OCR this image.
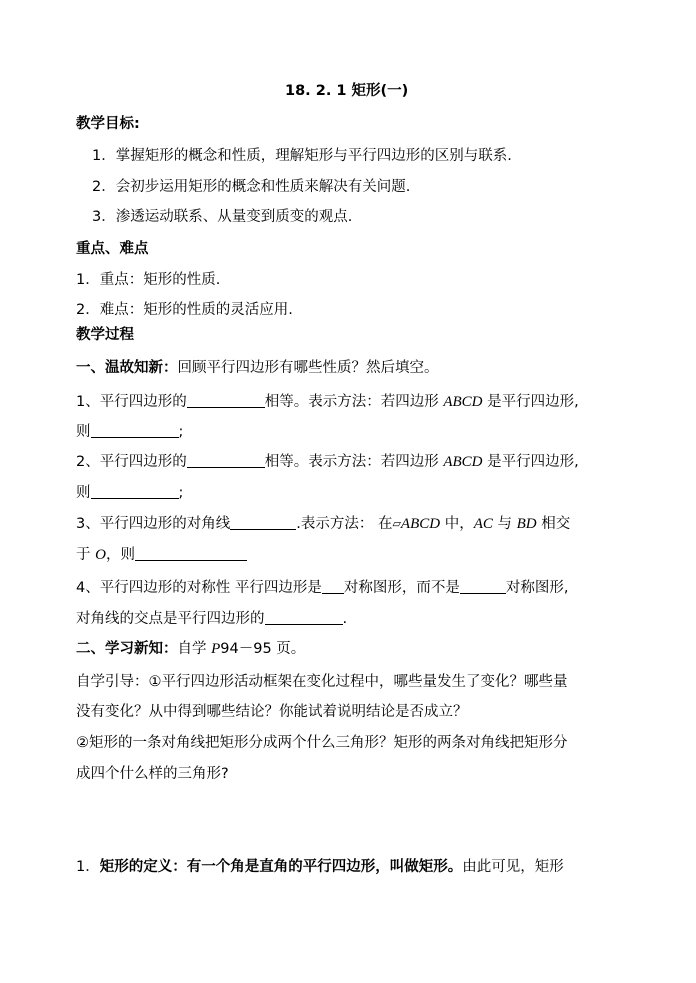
18. 2. 1 矩形(一)
教学目标:
1．掌握矩形的概念和性质，理解矩形与平行四边形的区别与联系.
2．会初步运用矩形的概念和性质来解决有关问题.
3．渗透运动联系、从量变到质变的观点.
重点、难点
1．重点：矩形的性质.
2．难点：矩形的性质的灵活应用.
教学过程
一、温故知新：回顾平行四边形有哪些性质？然后填空。
1、平行四边形的	相等。表示方法：若四边形 ABCD 是平行四边形,
则	;
2、平行四边形的	相等。表示方法：若四边形 ABCD 是平行四边形,
则	;
3、平行四边形的对角线	.表示方法： 在▱ABCD 中，AC 与 BD 相交
于 O，则
4、平行四边形的对称性 平行四边形是 对称图形，而不是	对称图形,
对角线的交点是平行四边形的	.
二、学习新知：自学 P94－95 页。
自学引导：①平行四边形活动框架在变化过程中，哪些量发生了变化？哪些量
没有变化？从中得到哪些结论？你能试着说明结论是否成立？
②矩形的一条对角线把矩形分成两个什么三角形？矩形的两条对角线把矩形分
成四个什么样的三角形?
1．矩形的定义：有一个角是直角的平行四边形，叫做矩形。由此可见，矩形
